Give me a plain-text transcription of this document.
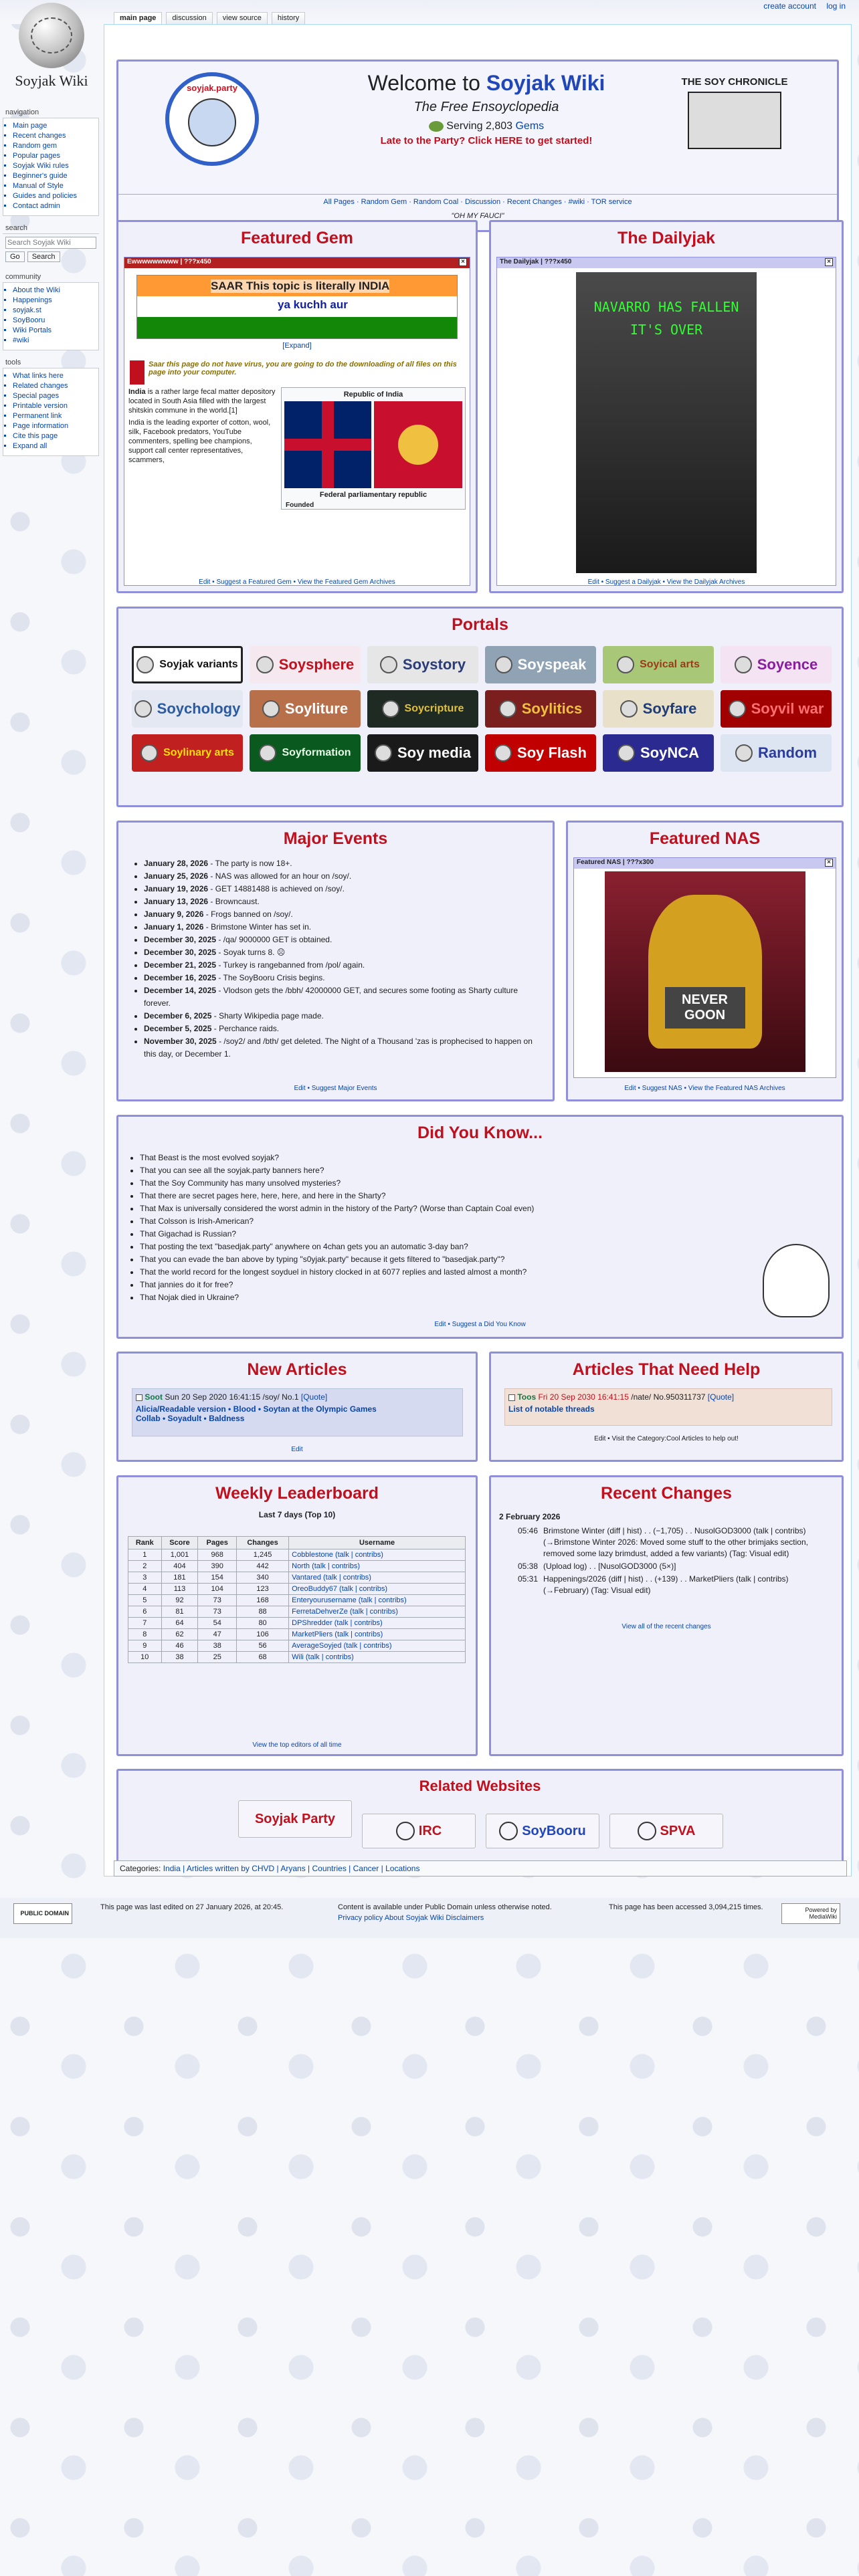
create account log in
main page	discussion	view source	history
Soyjak Wiki
navigation
▪ Main page
▪ Recent changes
▪ Random gem
▪ Popular pages
▪ Soyjak Wiki rules
▪ Beginner's guide
▪ Manual of Style
▪ Guides and policies
▪ Contact admin
search
Search Soyjak Wiki
Go	Search
community
▪ About the Wiki
▪ Happenings
▪ soyjak.st
▪ SoyBooru
▪ Wiki Portals
▪ #wiki
tools
▪ What links here
▪ Related changes
▪ Special pages
▪ Printable version
▪ Permanent link
▪ Page information
▪ Cite this page
▪ Expand all
soyjak.party	Welcome to Soyjak Wiki
The Free Ensoyclopedia
Serving 2,803 Gems
Late to the Party? Click HERE to get started!
THE SOY CHRONICLE
All Pages · Random Gem · Random Coal · Discussion · Recent Changes · #wiki · TOR service
"OH MY FAUCI"
Featured Gem
Ewwwwwwwww | ???x450	×
SAAR This topic is literally INDIA
ya kuchh aur
[Expand]
Saar this page do not have virus, you are going to do the downloading of all files on this page into your computer.

India is a rather large fecal matter depository located in South Asia filled with the largest shitskin commune in the world.[1]

India is the leading exporter of cotton, wool, silk, Facebook predators, YouTube commenters, spelling bee champions, support call center representatives, scammers,

Republic of India
Federal parliamentary republic
Founded
Edit • Suggest a Featured Gem • View the Featured Gem Archives
The Dailyjak
The Dailyjak | ???x450	×
NAVARRO HAS FALLEN
IT'S OVER
Edit • Suggest a Dailyjak • View the Dailyjak Archives
Portals
Soyjak variants	Soysphere	Soystory	Soyspeak	Soyical arts	Soyence
Soychology	Soyliture	Soycripture	Soylitics	Soyfare	Soyvil war
Soylinary arts	Soyformation	Soy media	Soy Flash	SoyNCA	Random
Major Events
• January 28, 2026 - The party is now 18+.
• January 25, 2026 - NAS was allowed for an hour on /soy/.
• January 19, 2026 - GET 14881488 is achieved on /soy/.
• January 13, 2026 - Browncaust.
• January 9, 2026 - Frogs banned on /soy/.
• January 1, 2026 - Brimstone Winter has set in.
• December 30, 2025 - /qa/ 9000000 GET is obtained.
• December 30, 2025 - Soyak turns 8. ☹
• December 21, 2025 - Turkey is rangebanned from /pol/ again.
• December 16, 2025 - The SoyBooru Crisis begins.
• December 14, 2025 - Vlodson gets the /bbh/ 42000000 GET, and secures some footing as Sharty culture forever.
• December 6, 2025 - Sharty Wikipedia page made.
• December 5, 2025 - Perchance raids.
• November 30, 2025 - /soy2/ and /bth/ get deleted. The Night of a Thousand 'zas is prophecised to happen on this day, or December 1.
Edit • Suggest Major Events
Featured NAS
Featured NAS | ???x300	×
NEVER GOON
Edit • Suggest NAS • View the Featured NAS Archives
Did You Know...
• That Beast is the most evolved soyjak?
• That you can see all the soyjak.party banners here?
• That the Soy Community has many unsolved mysteries?
• That there are secret pages here, here, here, and here in the Sharty?
• That Max is universally considered the worst admin in the history of the Party? (Worse than Captain Coal even)
• That Colsson is Irish-American?
• That Gigachad is Russian?
• That posting the text "basedjak.party" anywhere on 4chan gets you an automatic 3-day ban?
• That you can evade the ban above by typing "s0yjak.party" because it gets filtered to "basedjak.party"?
• That the world record for the longest soyduel in history clocked in at 6077 replies and lasted almost a month?
• That jannies do it for free?
• That Nojak died in Ukraine?
Edit • Suggest a Did You Know
New Articles
Soot Sun 20 Sep 2020 16:41:15 /soy/ No.1 [Quote]
Alicia/Readable version • Blood • Soytan at the Olympic Games
Collab • Soyadult • Baldness
Edit
Articles That Need Help
Toos Fri 20 Sep 2030 16:41:15 /nate/ No.950311737 [Quote]
List of notable threads
Edit • Visit the Category:Cool Articles to help out!
Weekly Leaderboard
Last 7 days (Top 10)
Rank	Score	Pages	Changes	Username
1	1,001	968	1,245	Cobblestone (talk | contribs)
2	404	390	442	North (talk | contribs)
3	181	154	340	Vantared (talk | contribs)
4	113	104	123	OreoBuddy67 (talk | contribs)
5	92	73	168	Enteryourusername (talk | contribs)
6	81	73	88	FerretaDehverZe (talk | contribs)
7	64	54	80	DPShredder (talk | contribs)
8	62	47	106	MarketPliers (talk | contribs)
9	46	38	56	AverageSoyjed (talk | contribs)
10	38	25	68	Wili (talk | contribs)
View the top editors of all time
Recent Changes
2 February 2026
05:46 Brimstone Winter (diff | hist) . . (−1,705) . . NusolGOD3000 (talk | contribs) (→Brimstone Winter 2026: Moved some stuff to the other brimjaks section, removed some lazy brimdust, added a few variants) (Tag: Visual edit)
05:38 (Upload log) . . [NusolGOD3000 (5×)]
05:31 Happenings/2026 (diff | hist) . . (+139) . . MarketPliers (talk | contribs) (→February) (Tag: Visual edit)
View all of the recent changes
Related Websites
Soyjak Party
IRC	SoyBooru	SPVA
Categories: India | Articles written by CHVD | Aryans | Countries | Cancer | Locations
PUBLIC DOMAIN
This page was last edited on 27 January 2026, at 20:45.	Content is available under Public Domain unless otherwise noted.
Privacy policy About Soyjak Wiki Disclaimers
This page has been accessed 3,094,215 times.	Powered by MediaWiki
